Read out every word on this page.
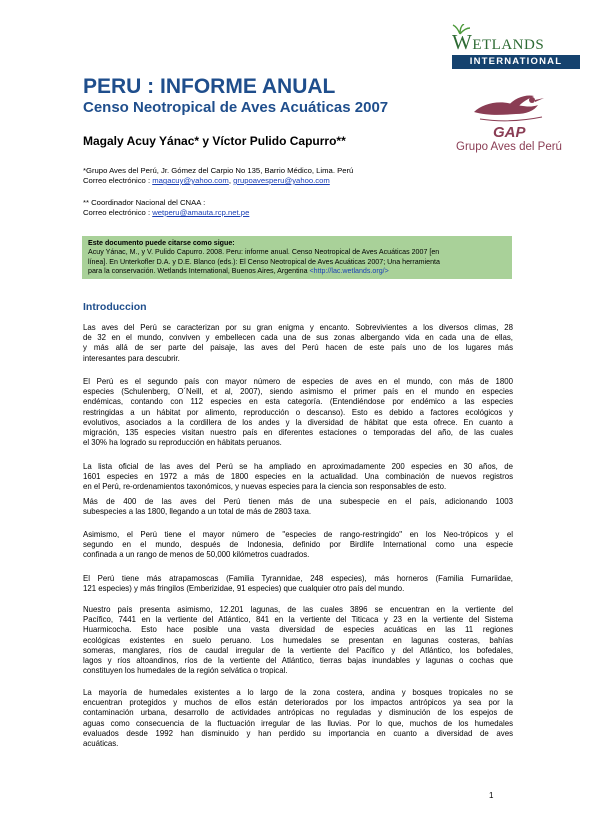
WETLANDS
INTERNATIONAL
GAP
Grupo Aves del Perú
PERU : INFORME ANUAL
Censo Neotropical de Aves Acuáticas 2007
Magaly Acuy Yánac* y Víctor Pulido Capurro**
*Grupo Aves del Perú, Jr. Gómez del Carpio No 135, Barrio Médico, Lima. Perú
Correo electrónico : magacuy@yahoo.com, grupoavesperu@yahoo.com
** Coordinador Nacional del CNAA :
Correo electrónico : wetperu@amauta.rcp.net.pe
Este documento puede citarse como sigue:
Acuy Yánac, M., y V. Pulido Capurro. 2008. Peru: informe anual. Censo Neotropical de Aves Acuáticas 2007 [en
línea]. En Unterkofler D.A. y D.E. Blanco (eds.): El Censo Neotropical de Aves Acuáticas 2007; Una herramienta
para la conservación. Wetlands International, Buenos Aires, Argentina <http://lac.wetlands.org/>
Introduccion
Las aves del Perú se caracterizan por su gran enigma y encanto. Sobrevivientes a los diversos climas, 28
de 32 en el mundo, conviven y embellecen cada una de sus zonas albergando vida en cada una de ellas,
y más allá de ser parte del paisaje, las aves del Perú hacen de este país uno de los lugares más
interesantes para descubrir.
El Perú es el segundo país con mayor número de especies de aves en el mundo, con más de 1800
especies (Schulenberg, O´Neill, et al, 2007), siendo asimismo el primer país en el mundo en especies
endémicas, contando con 112 especies en esta categoría. (Entendiéndose por endémico a las especies
restringidas a un hábitat por alimento, reproducción o descanso). Esto es debido a factores ecológicos y
evolutivos, asociados a la cordillera de los andes y la diversidad de hábitat que esta ofrece. En cuanto a
migración, 135 especies visitan nuestro país en diferentes estaciones o temporadas del año, de las cuales
el 30% ha logrado su reproducción en hábitats peruanos.
La lista oficial de las aves del Perú se ha ampliado en aproximadamente 200 especies en 30 años, de
1601 especies en 1972 a más de 1800 especies en la actualidad. Una combinación de nuevos registros
en el Perú, re-ordenamientos taxonómicos, y nuevas especies para la ciencia son responsables de esto.
Más de 400 de las aves del Perú tienen más de una subespecie en el país, adicionando 1003
subespecies a las 1800, llegando a un total de más de 2803 taxa.
Asimismo, el Perú tiene el mayor número de "especies de rango-restringido" en los Neo-trópicos y el
segundo en el mundo, después de Indonesia, definido por Birdlife International como una especie
confinada a un rango de menos de 50,000 kilómetros cuadrados.
El Perú tiene más atrapamoscas (Familia Tyrannidae, 248 especies), más horneros (Familia Furnariidae,
121 especies) y más fringilos (Emberizidae, 91 especies) que cualquier otro país del mundo.
Nuestro país presenta asimismo, 12.201 lagunas, de las cuales 3896 se encuentran en la vertiente del
Pacífico, 7441 en la vertiente del Atlántico, 841 en la vertiente del Titicaca y 23 en la vertiente del Sistema
Huarmicocha. Esto hace posible una vasta diversidad de especies acuáticas en las 11 regiones
ecológicas existentes en suelo peruano. Los humedales se presentan en lagunas costeras, bahías
someras, manglares, ríos de caudal irregular de la vertiente del Pacífico y del Atlántico, los bofedales,
lagos y ríos altoandinos, ríos de la vertiente del Atlántico, tierras bajas inundables y lagunas o cochas que
constituyen los humedales de la región selvática o tropical.
La mayoría de humedales existentes a lo largo de la zona costera, andina y bosques tropicales no se
encuentran protegidos y muchos de ellos están deteriorados por los impactos antrópicos ya sea por la
contaminación urbana, desarrollo de actividades antrópicas no reguladas y disminución de los espejos de
aguas como consecuencia de la fluctuación irregular de las lluvias. Por lo que, muchos de los humedales
evaluados desde 1992 han disminuido y han perdido su importancia en cuanto a diversidad de aves
acuáticas.
1
